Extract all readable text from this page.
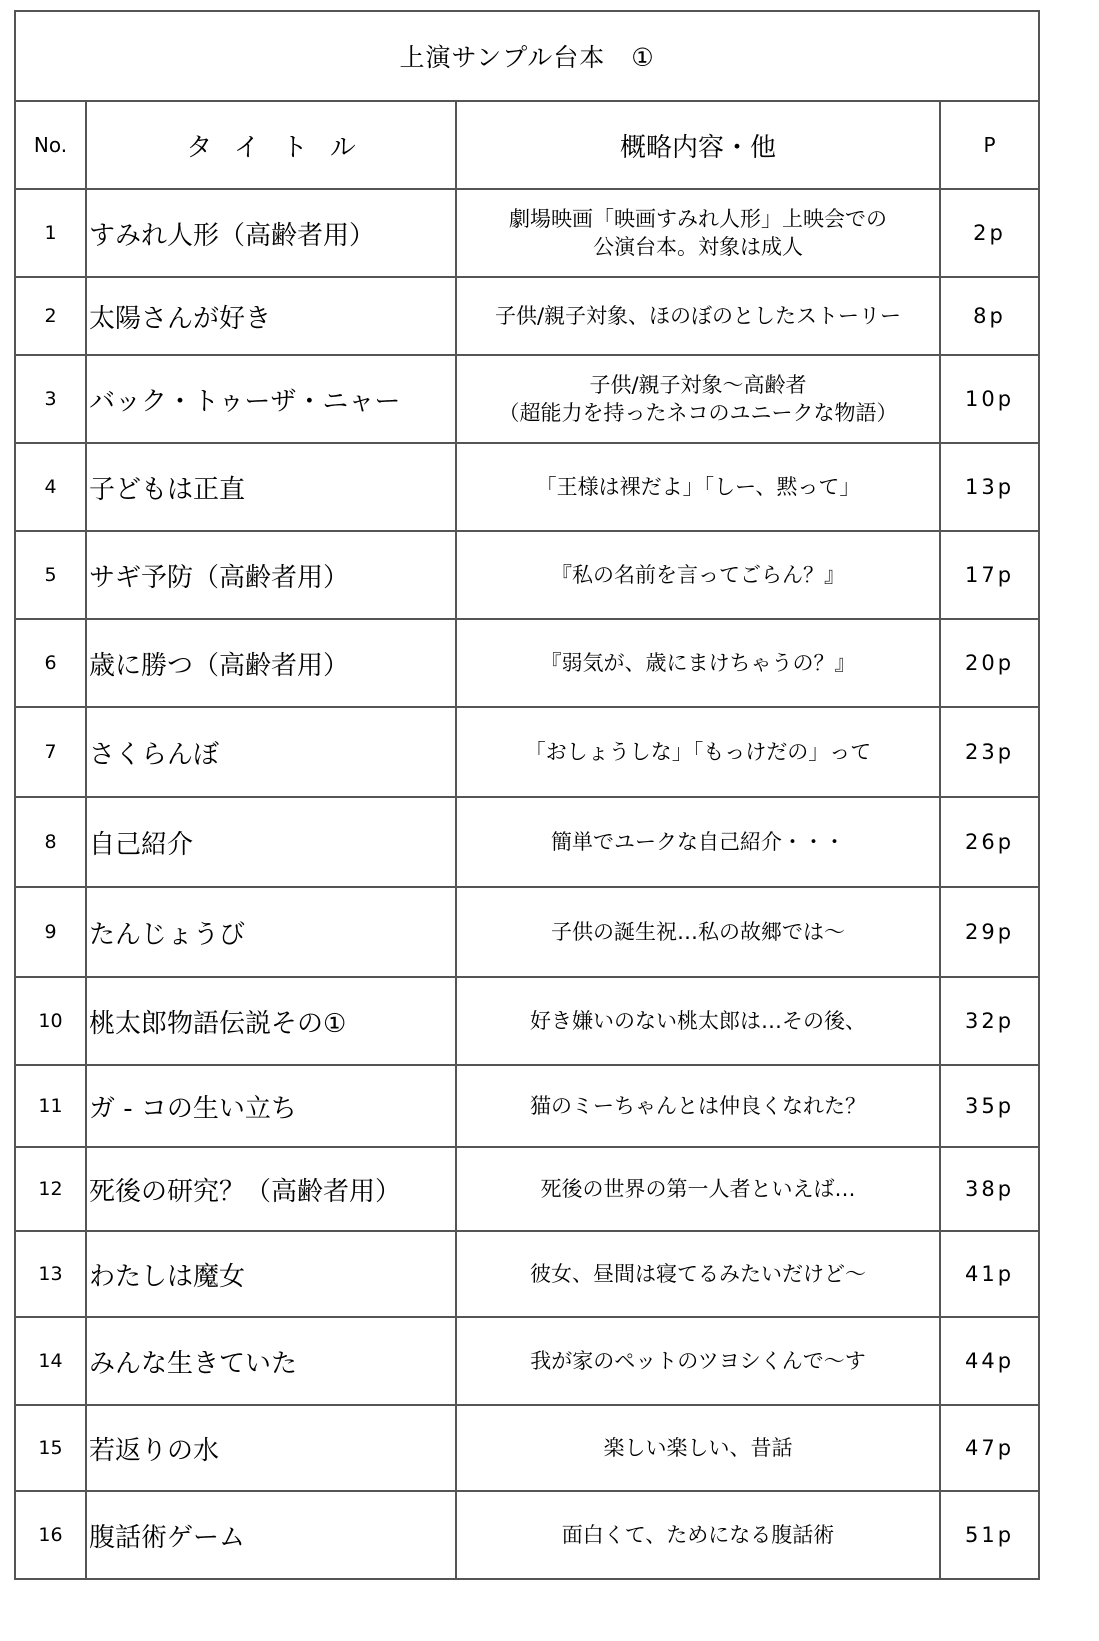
上演サンプル台本　①			
No.	タイトル	概略内容・他	P
1	すみれ人形（高齢者用）	劇場映画「映画すみれ人形」上映会での
公演台本。対象は成人	2p
2	太陽さんが好き	子供/親子対象、ほのぼのとしたストーリー	8p
3	バック・トゥーザ・ニャー	子供/親子対象～高齢者
（超能力を持ったネコのユニークな物語）	10p
4	子どもは正直	「王様は裸だよ」「しー、黙って」	13p
5	サギ予防（高齢者用）	『私の名前を言ってごらん？』	17p
6	歳に勝つ（高齢者用）	『弱気が、歳にまけちゃうの？』	20p
7	さくらんぼ	「おしょうしな」「もっけだの」って	23p
8	自己紹介	簡単でユークな自己紹介・・・	26p
9	たんじょうび	子供の誕生祝…私の故郷では～	29p
10	桃太郎物語伝説その①	好き嫌いのない桃太郎は…その後、	32p
11	ガ - コの生い立ち	猫のミーちゃんとは仲良くなれた？	35p
12	死後の研究？（高齢者用）	死後の世界の第一人者といえば…	38p
13	わたしは魔女	彼女、昼間は寝てるみたいだけど～	41p
14	みんな生きていた	我が家のペットのツヨシくんで～す	44p
15	若返りの水	楽しい楽しい、昔話	47p
16	腹話術ゲーム	面白くて、ためになる腹話術	51p
